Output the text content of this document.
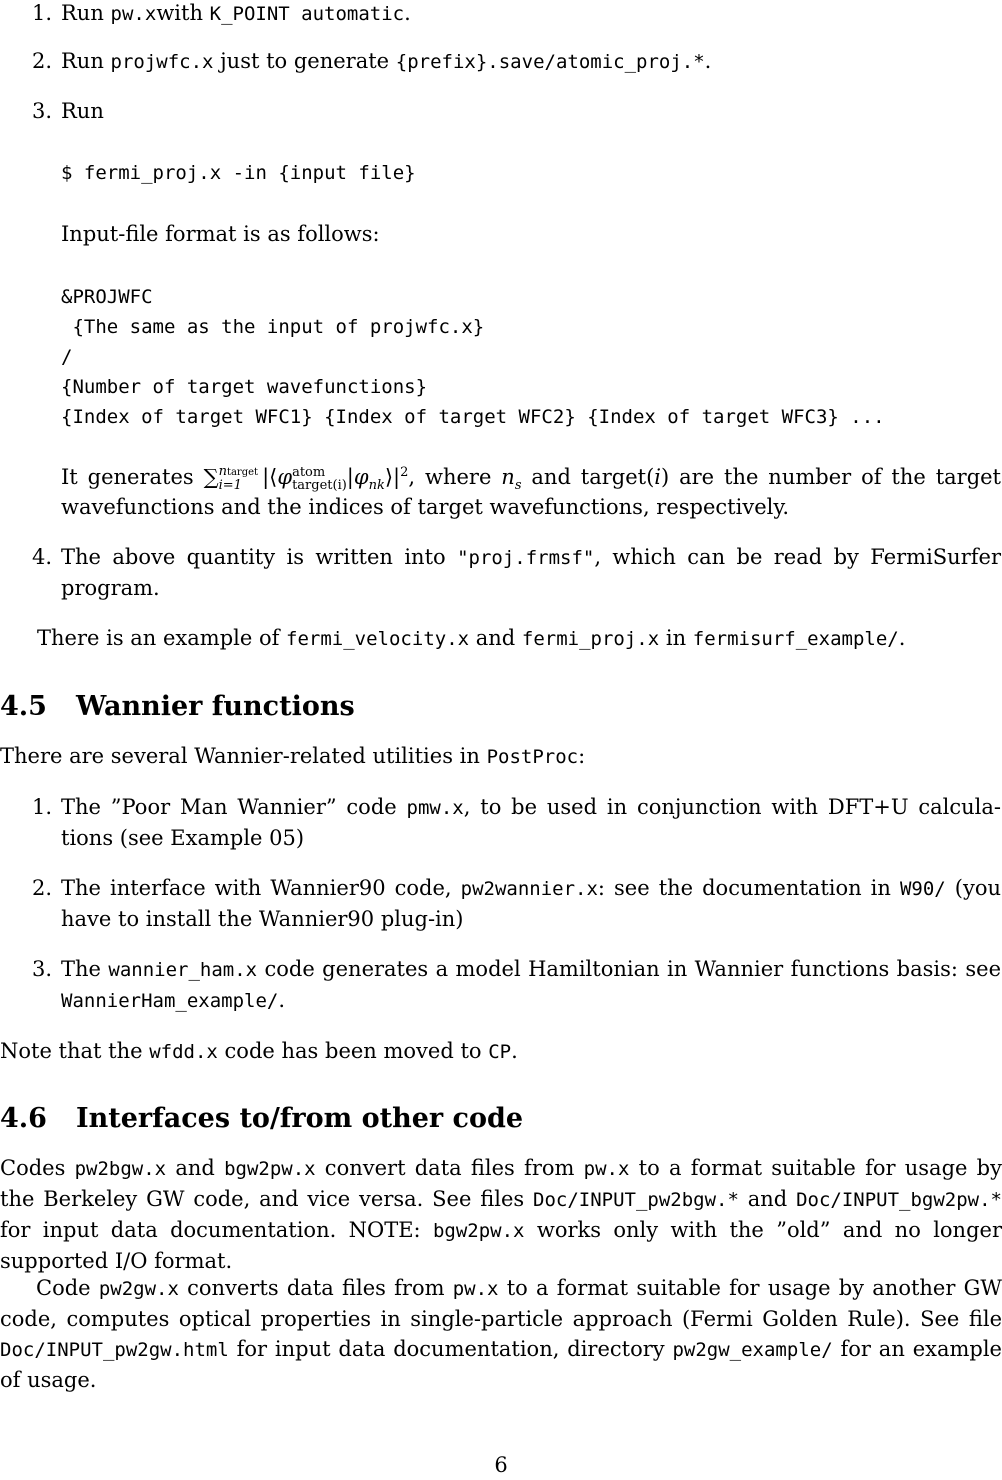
1. Run pw.xwith K_POINT automatic.
2. Run projwfc.x just to generate {prefix}.save/atomic_proj.*.
3. Run
$ fermi_proj.x -in {input file}
Input-file format is as follows:
&PROJWFC
{The same as the input of projwfc.x}
/
{Number of target wavefunctions}
{Index of target WFC1} {Index of target WFC2} {Index of target WFC3} ...
It generates ∑ ntarget
i=1 |⟨φ atom
target(i) $|\varphi_{nk}⟩|^2$, where $n_s$ and target(i) are the number of the target wavefunctions and the indices of target wavefunctions, respectively.
4. The above quantity is written into "proj.frmsf", which can be read by FermiSurfer program.
There is an example of fermi_velocity.x and fermi_proj.x in fermisurf_example/.
4.5 Wannier functions
There are several Wannier-related utilities in PostProc:
1. The ”Poor Man Wannier” code pmw.x, to be used in conjunction with DFT+U calcula- tions (see Example 05)
2. The interface with Wannier90 code, pw2wannier.x: see the documentation in W90/ (you have to install the Wannier90 plug-in)
3. The wannier_ham.x code generates a model Hamiltonian in Wannier functions basis: see WannierHam_example/.
Note that the wfdd.x code has been moved to CP.
4.6 Interfaces to/from other code
Codes pw2bgw.x and bgw2pw.x convert data files from pw.x to a format suitable for usage by the Berkeley GW code, and vice versa. See files Doc/INPUT_pw2bgw.* and Doc/INPUT_bgw2pw.* for input data documentation. NOTE: bgw2pw.x works only with the ”old” and no longer supported I/O format.
Code pw2gw.x converts data files from pw.x to a format suitable for usage by another GW code, computes optical properties in single-particle approach (Fermi Golden Rule). See file Doc/INPUT_pw2gw.html for input data documentation, directory pw2gw_example/ for an example of usage.
6
